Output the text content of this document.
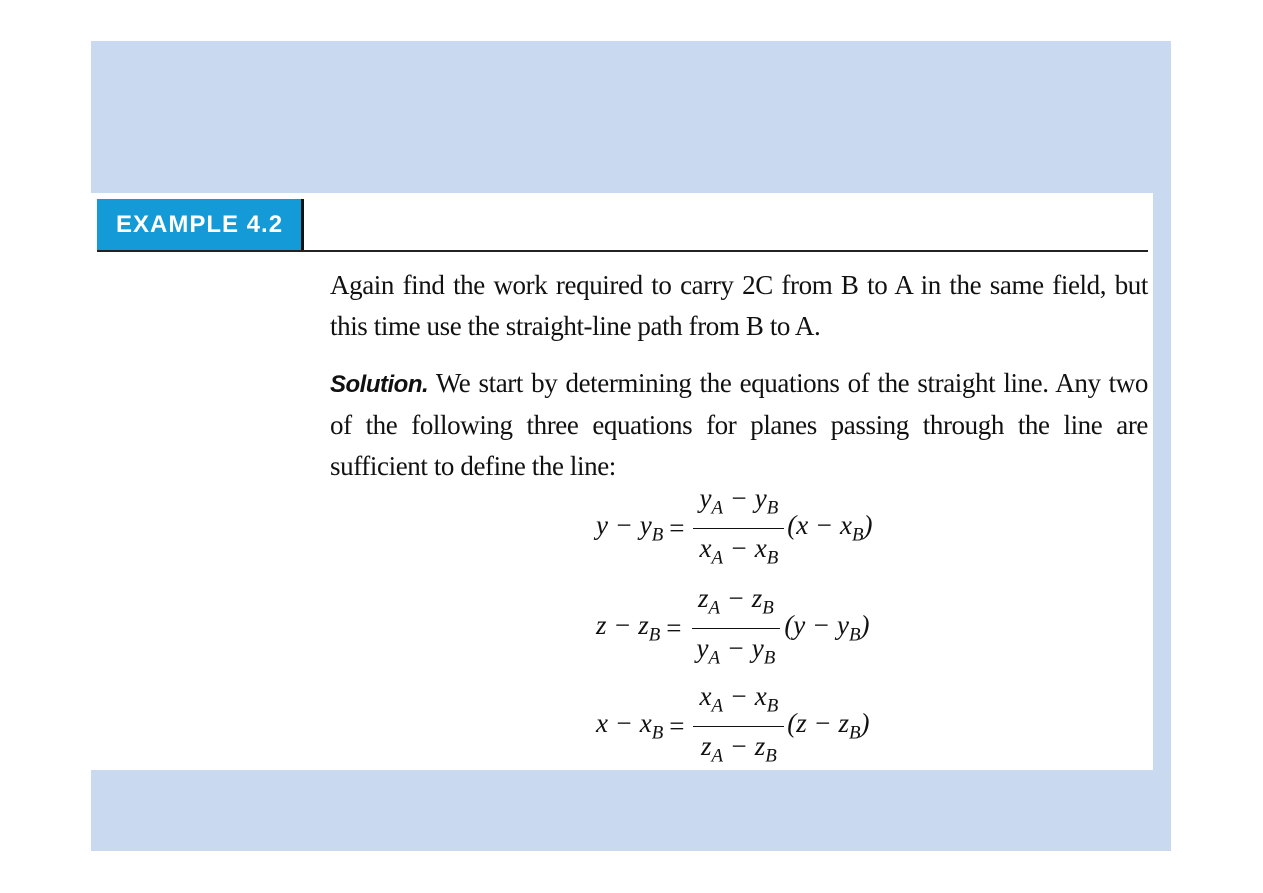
EXAMPLE 4.2
Again find the work required to carry 2C from B to A in the same field, but this time use the straight-line path from B to A.
Solution. We start by determining the equations of the straight line. Any two of the following three equations for planes passing through the line are sufficient to define the line:
$y - y_B = \frac{y_A - y_B}{x_A - x_B} (x - x_B)$
$z - z_B = \frac{z_A - z_B}{y_A - y_B} (y - y_B)$
$x - x_B = \frac{x_A - x_B}{z_A - z_B} (z - z_B)$
